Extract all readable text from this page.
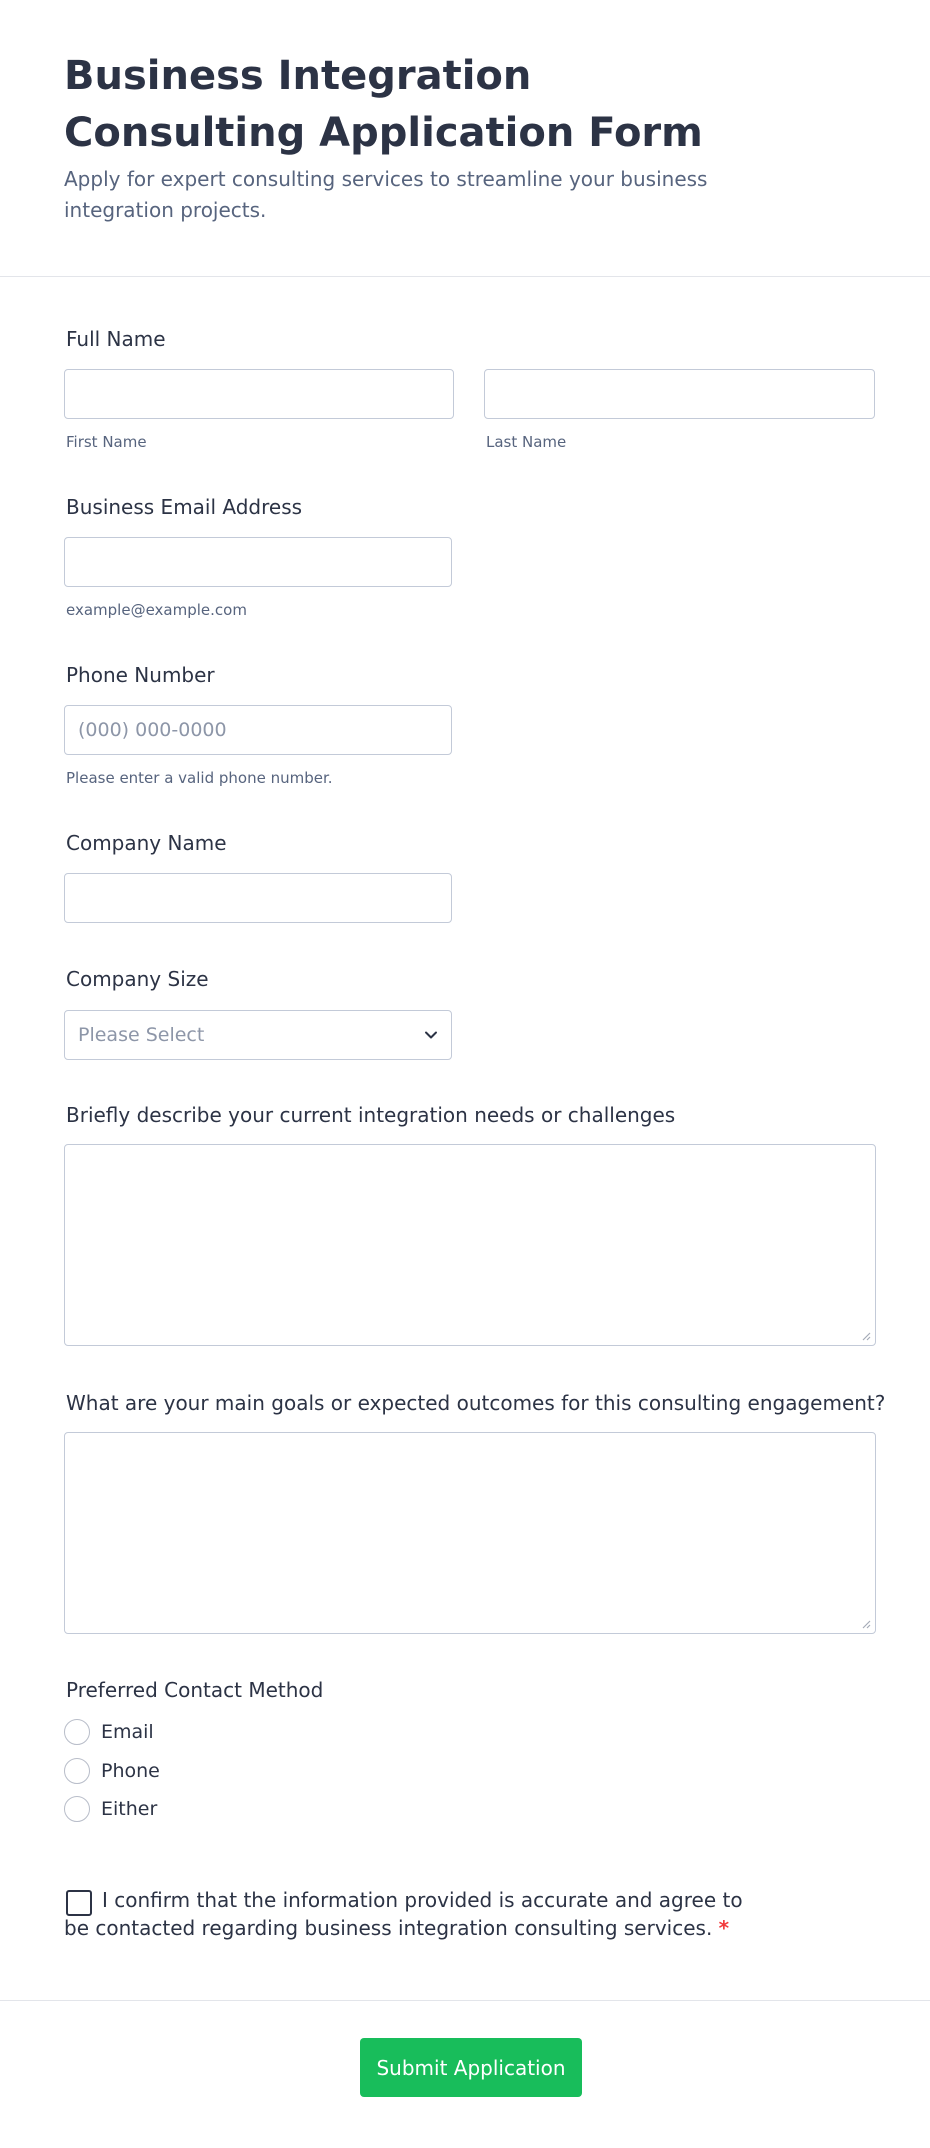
Business Integration Consulting Application Form

Apply for expert consulting services to streamline your business integration projects.

Full Name
First Name	Last Name
Business Email Address
example@example.com
Phone Number
(000) 000-0000
Please enter a valid phone number.
Company Name
Company Size
Please Select
Briefly describe your current integration needs or challenges
What are your main goals or expected outcomes for this consulting engagement?
Preferred Contact Method
Email
Phone
Either

I confirm that the information provided is accurate and agree to be contacted regarding business integration consulting services. *

Submit Application
